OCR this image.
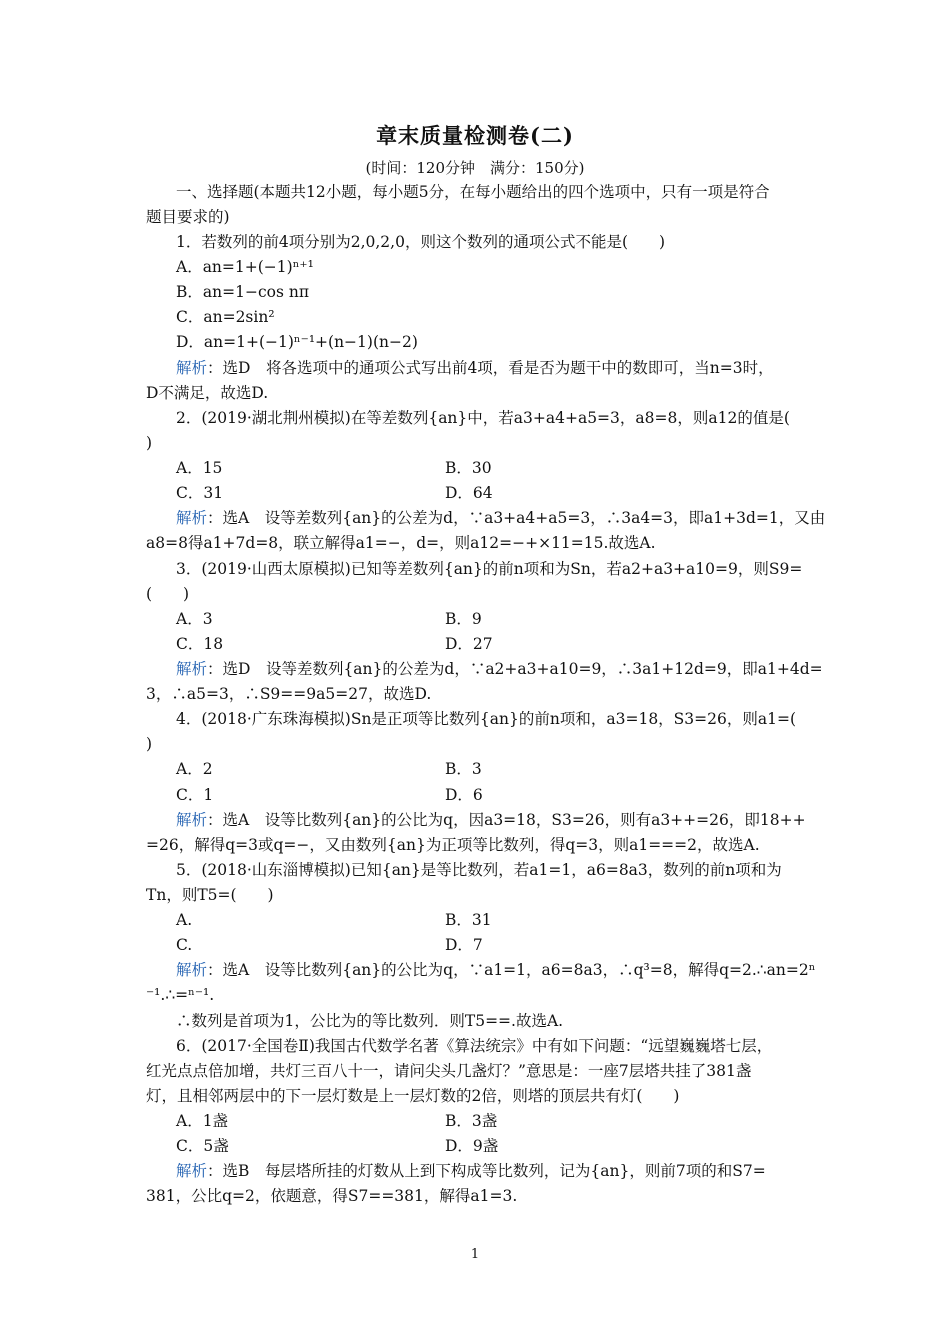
章末质量检测卷(二)
(时间：120分钟　满分：150分)
一、选择题(本题共12小题，每小题5分，在每小题给出的四个选项中，只有一项是符合
题目要求的)
1．若数列的前4项分别为2,0,2,0，则这个数列的通项公式不能是(　　)
A．an=1+(−1)ⁿ⁺¹
B．an=1−cos nπ
C．an=2sin²
D．an=1+(−1)ⁿ⁻¹+(n−1)(n−2)
解析：选D　将各选项中的通项公式写出前4项，看是否为题干中的数即可，当n=3时，
D不满足，故选D.
2．(2019·湖北荆州模拟)在等差数列{an}中，若a3+a4+a5=3，a8=8，则a12的值是(
)
A．15	B．30
C．31	D．64
解析：选A　设等差数列{an}的公差为d，∵a3+a4+a5=3，∴3a4=3，即a1+3d=1，又由
a8=8得a1+7d=8，联立解得a1=−，d=，则a12=−+×11=15.故选A.
3．(2019·山西太原模拟)已知等差数列{an}的前n项和为Sn，若a2+a3+a10=9，则S9=
(　　)
A．3	B．9
C．18	D．27
解析：选D　设等差数列{an}的公差为d，∵a2+a3+a10=9，∴3a1+12d=9，即a1+4d=
3，∴a5=3，∴S9==9a5=27，故选D.
4．(2018·广东珠海模拟)Sn是正项等比数列{an}的前n项和，a3=18，S3=26，则a1=(
)
A．2	B．3
C．1	D．6
解析：选A　设等比数列{an}的公比为q，因a3=18，S3=26，则有a3++=26，即18++
=26，解得q=3或q=−，又由数列{an}为正项等比数列，得q=3，则a1===2，故选A.
5．(2018·山东淄博模拟)已知{an}是等比数列，若a1=1，a6=8a3，数列的前n项和为
Tn，则T5=(　　)
A.	B．31
C.	D．7
解析：选A　设等比数列{an}的公比为q，∵a1=1，a6=8a3，∴q³=8，解得q=2.∴an=2ⁿ
⁻¹.∴=ⁿ⁻¹.
∴数列是首项为1，公比为的等比数列．则T5==.故选A.
6．(2017·全国卷Ⅱ)我国古代数学名著《算法统宗》中有如下问题：“远望巍巍塔七层，
红光点点倍加增，共灯三百八十一，请问尖头几盏灯？”意思是：一座7层塔共挂了381盏
灯，且相邻两层中的下一层灯数是上一层灯数的2倍，则塔的顶层共有灯(　　)
A．1盏	B．3盏
C．5盏	D．9盏
解析：选B　每层塔所挂的灯数从上到下构成等比数列，记为{an}，则前7项的和S7=
381，公比q=2，依题意，得S7==381，解得a1=3.
1
